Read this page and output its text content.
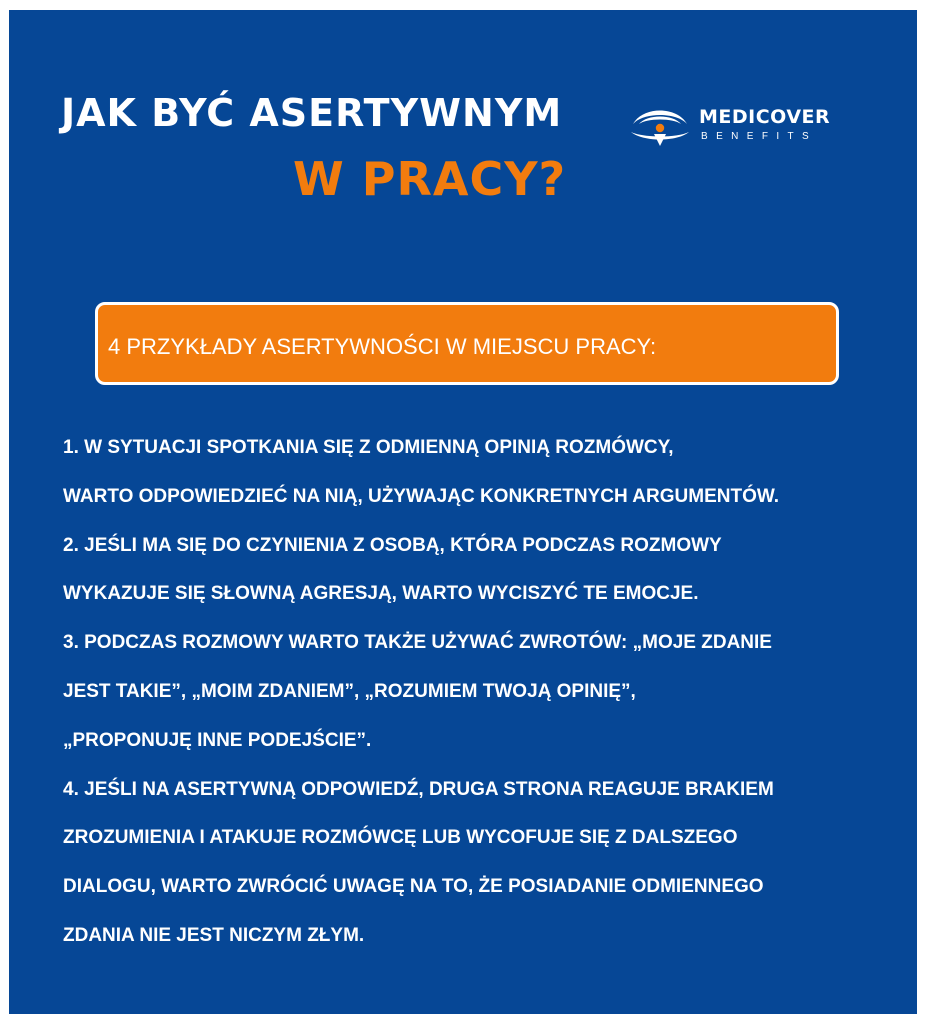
JAK BYĆ ASERTYWNYM
W PRACY?
MEDICOVER
BENEFITS
4 PRZYKŁADY ASERTYWNOŚCI W MIEJSCU PRACY:
1. W SYTUACJI SPOTKANIA SIĘ Z ODMIENNĄ OPINIĄ ROZMÓWCY,
WARTO ODPOWIEDZIEĆ NA NIĄ, UŻYWAJĄC KONKRETNYCH ARGUMENTÓW.
2. JEŚLI MA SIĘ DO CZYNIENIA Z OSOBĄ, KTÓRA PODCZAS ROZMOWY
WYKAZUJE SIĘ SŁOWNĄ AGRESJĄ, WARTO WYCISZYĆ TE EMOCJE.
3. PODCZAS ROZMOWY WARTO TAKŻE UŻYWAĆ ZWROTÓW: „MOJE ZDANIE
JEST TAKIE”, „MOIM ZDANIEM”, „ROZUMIEM TWOJĄ OPINIĘ”,
„PROPONUJĘ INNE PODEJŚCIE”.
4. JEŚLI NA ASERTYWNĄ ODPOWIEDŹ, DRUGA STRONA REAGUJE BRAKIEM
ZROZUMIENIA I ATAKUJE ROZMÓWCĘ LUB WYCOFUJE SIĘ Z DALSZEGO
DIALOGU, WARTO ZWRÓCIĆ UWAGĘ NA TO, ŻE POSIADANIE ODMIENNEGO
ZDANIA NIE JEST NICZYM ZŁYM.
